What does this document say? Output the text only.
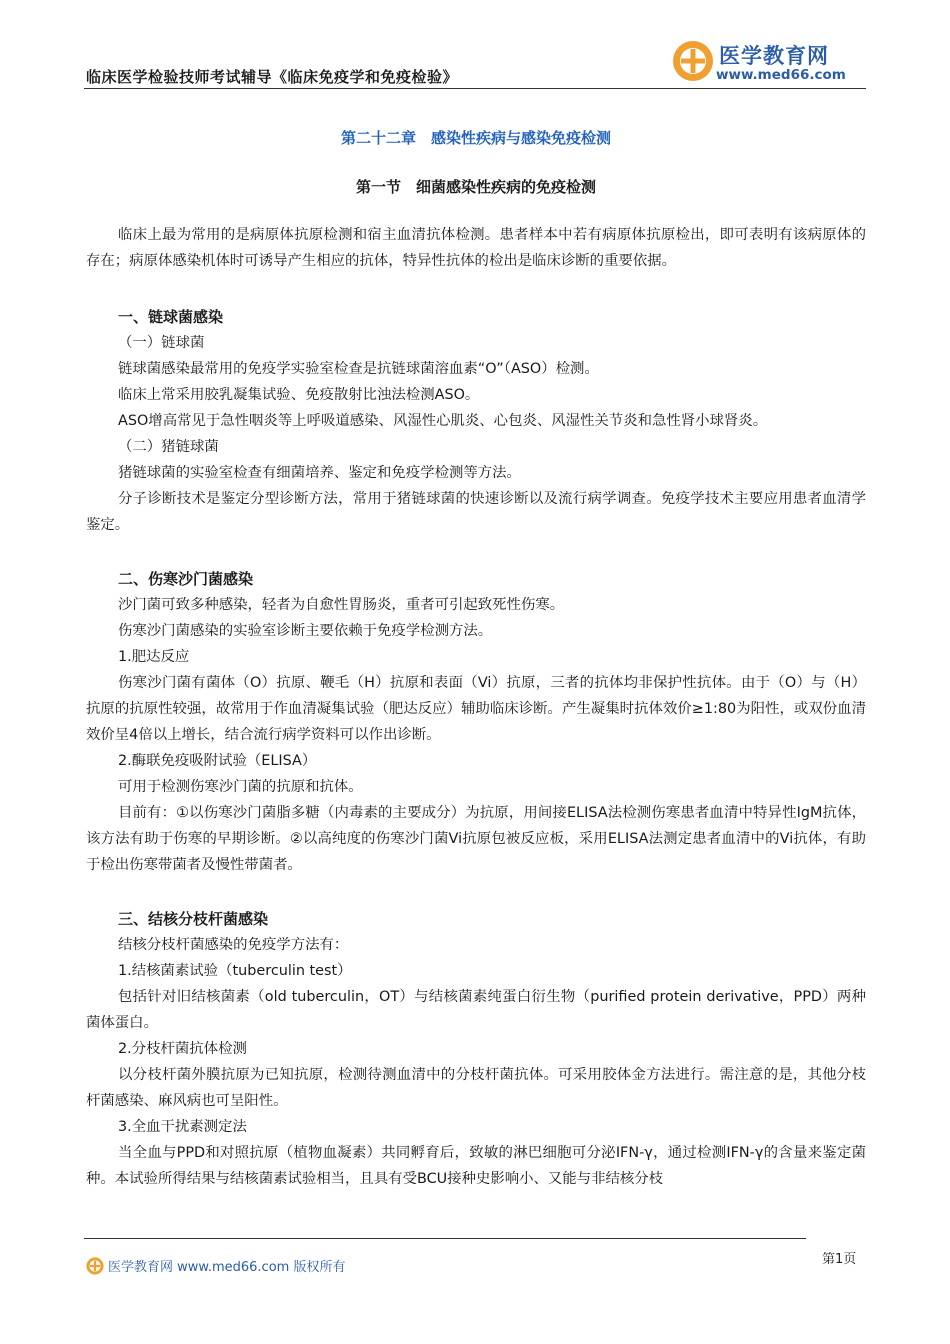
临床医学检验技师考试辅导《临床免疫学和免疫检验》
医学教育网
www.med66.com
第二十二章　感染性疾病与感染免疫检测
第一节　细菌感染性疾病的免疫检测

临床上最为常用的是病原体抗原检测和宿主血清抗体检测。患者样本中若有病原体抗原检出，即可表明有该病原体的存在；病原体感染机体时可诱导产生相应的抗体，特异性抗体的检出是临床诊断的重要依据。

一、链球菌感染

（一）链球菌

链球菌感染最常用的免疫学实验室检查是抗链球菌溶血素“O”（ASO）检测。

临床上常采用胶乳凝集试验、免疫散射比浊法检测ASO。

ASO增高常见于急性咽炎等上呼吸道感染、风湿性心肌炎、心包炎、风湿性关节炎和急性肾小球肾炎。

（二）猪链球菌

猪链球菌的实验室检查有细菌培养、鉴定和免疫学检测等方法。

分子诊断技术是鉴定分型诊断方法，常用于猪链球菌的快速诊断以及流行病学调查。免疫学技术主要应用患者血清学鉴定。

二、伤寒沙门菌感染

沙门菌可致多种感染，轻者为自愈性胃肠炎，重者可引起致死性伤寒。

伤寒沙门菌感染的实验室诊断主要依赖于免疫学检测方法。

1.肥达反应

伤寒沙门菌有菌体（O）抗原、鞭毛（H）抗原和表面（Vi）抗原，三者的抗体均非保护性抗体。由于（O）与（H）抗原的抗原性较强，故常用于作血清凝集试验（肥达反应）辅助临床诊断。产生凝集时抗体效价≥1:80为阳性，或双份血清效价呈4倍以上增长，结合流行病学资料可以作出诊断。

2.酶联免疫吸附试验（ELISA）

可用于检测伤寒沙门菌的抗原和抗体。

目前有：①以伤寒沙门菌脂多糖（内毒素的主要成分）为抗原，用间接ELISA法检测伤寒患者血清中特异性IgM抗体，该方法有助于伤寒的早期诊断。②以高纯度的伤寒沙门菌Vi抗原包被反应板，采用ELISA法测定患者血清中的Vi抗体，有助于检出伤寒带菌者及慢性带菌者。

三、结核分枝杆菌感染

结核分枝杆菌感染的免疫学方法有：

1.结核菌素试验（tuberculin test）

包括针对旧结核菌素（old tuberculin，OT）与结核菌素纯蛋白衍生物（purified protein derivative，PPD）两种菌体蛋白。

2.分枝杆菌抗体检测

以分枝杆菌外膜抗原为已知抗原，检测待测血清中的分枝杆菌抗体。可采用胶体金方法进行。需注意的是，其他分枝杆菌感染、麻风病也可呈阳性。

3.全血干扰素测定法

当全血与PPD和对照抗原（植物血凝素）共同孵育后，致敏的淋巴细胞可分泌IFN-γ，通过检测IFN-γ的含量来鉴定菌种。本试验所得结果与结核菌素试验相当，且具有受BCU接种史影响小、又能与非结核分枝

医学教育网 www.med66.com 版权所有
第1页
